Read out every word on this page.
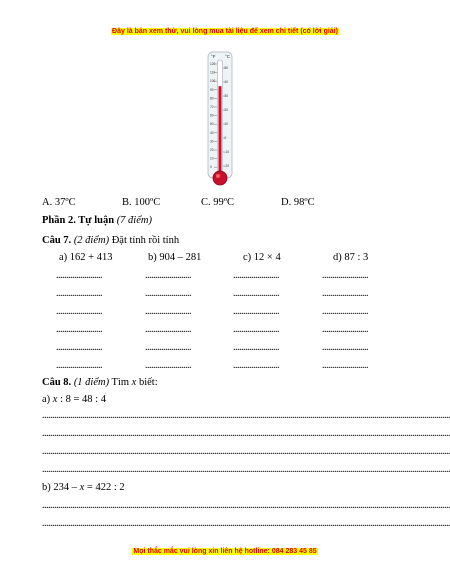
Đây là bản xem thử, vui lòng mua tài liệu để xem chi tiết (có lời giải)
°F °C
120
110
100
90
80
70
60
50
40
30
20
10
0
50
40
30
20
10
0
-10
-20
A. 37ºC	B. 100ºC	C. 99ºC	D. 98ºC
Phần 2. Tự luận (7 điểm)
Câu 7. (2 điểm) Đặt tính rồi tính
a) 162 + 413	b) 904 – 281	c) 12 × 4	d) 87 : 3
.......................	.......................	.......................	.......................
.......................	.......................	.......................	.......................
.......................	.......................	.......................	.......................
.......................	.......................	.......................	.......................
.......................	.......................	.......................	.......................
.......................	.......................	.......................	.......................
Câu 8. (1 điểm) Tìm x biết:
a) x : 8 = 48 : 4
............................................................................................................................................................................................................
............................................................................................................................................................................................................
............................................................................................................................................................................................................
............................................................................................................................................................................................................
b) 234 – x = 422 : 2
............................................................................................................................................................................................................
............................................................................................................................................................................................................
Mọi thắc mắc vui lòng xin liên hệ hotline: 084 283 45 85
